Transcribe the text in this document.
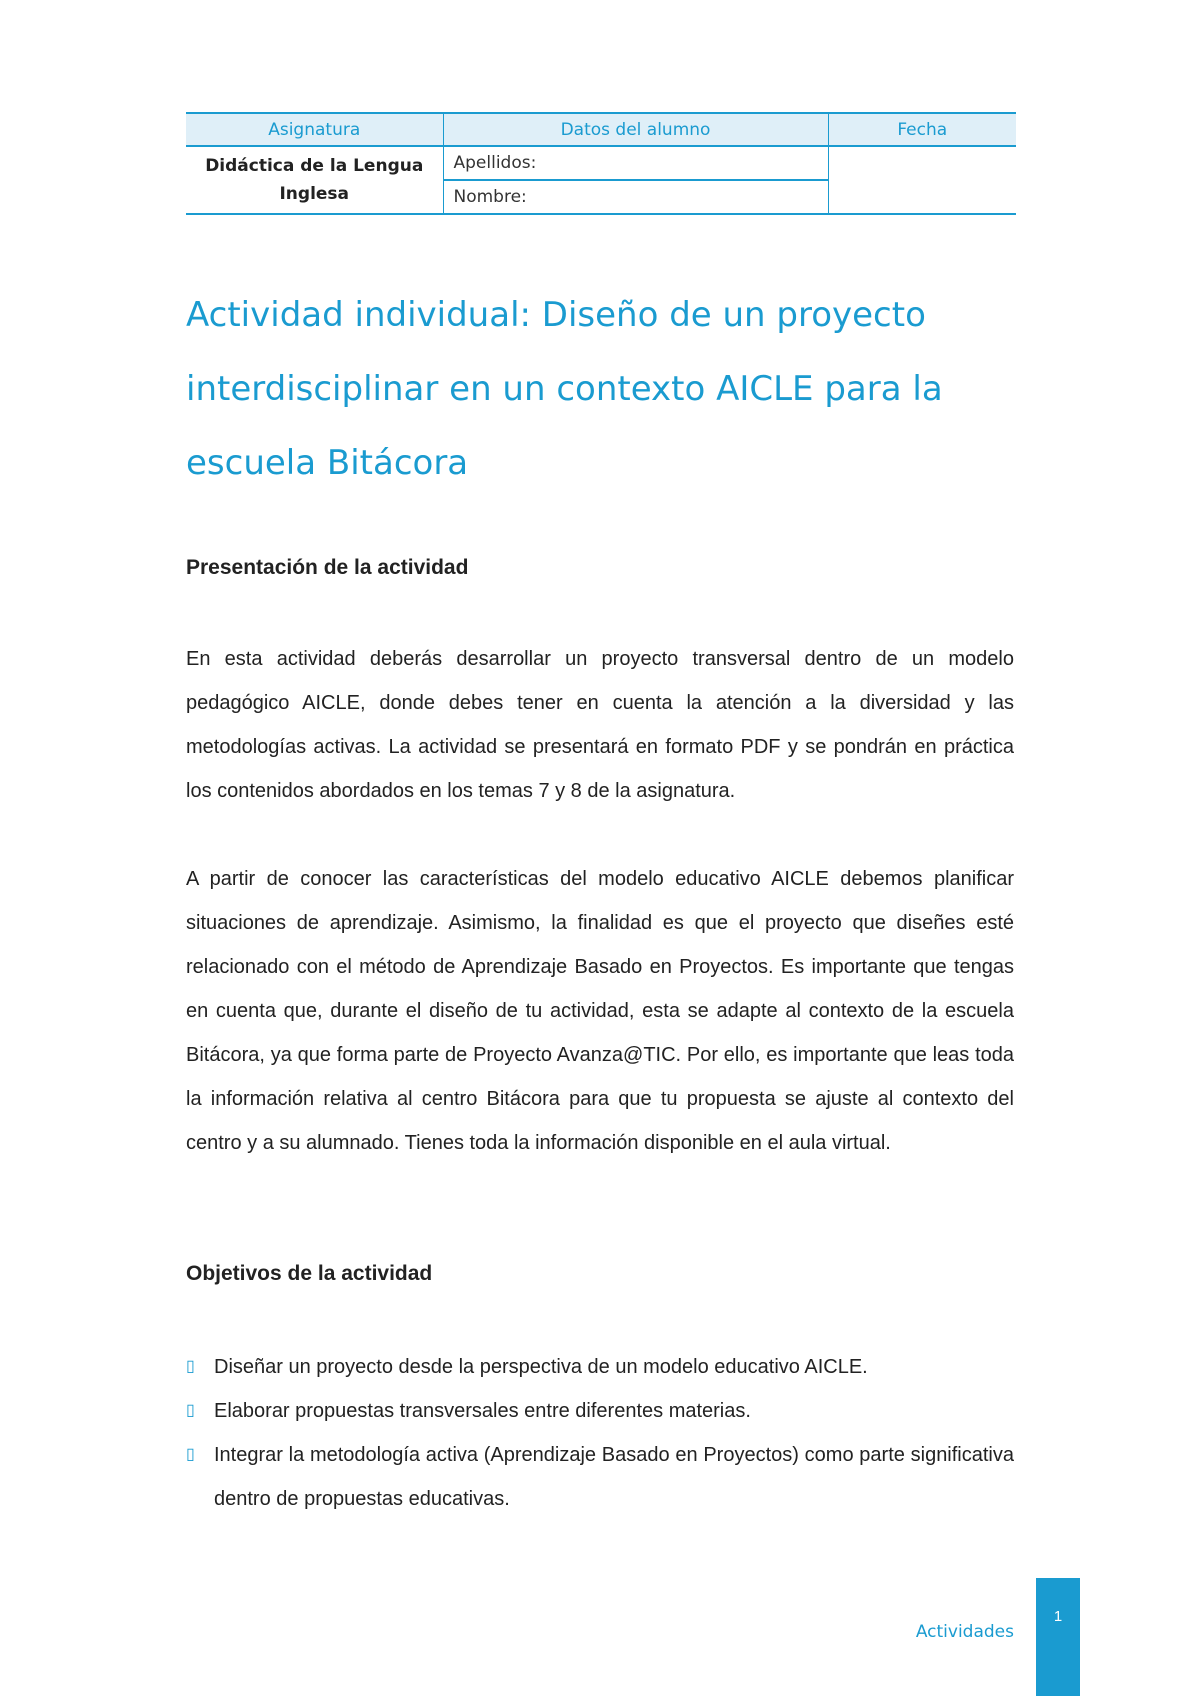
Asignatura	Datos del alumno	Fecha
Didáctica de la Lengua Inglesa	Apellidos:	
	Nombre:	
Actividad individual: Diseño de un proyecto interdisciplinar en un contexto AICLE para la escuela Bitácora
Presentación de la actividad

En esta actividad deberás desarrollar un proyecto transversal dentro de un modelo pedagógico AICLE, donde debes tener en cuenta la atención a la diversidad y las metodologías activas. La actividad se presentará en formato PDF y se pondrán en práctica los contenidos abordados en los temas 7 y 8 de la asignatura.

A partir de conocer las características del modelo educativo AICLE debemos planificar situaciones de aprendizaje. Asimismo, la finalidad es que el proyecto que diseñes esté relacionado con el método de Aprendizaje Basado en Proyectos. Es importante que tengas en cuenta que, durante el diseño de tu actividad, esta se adapte al contexto de la escuela Bitácora, ya que forma parte de Proyecto Avanza@TIC. Por ello, es importante que leas toda la información relativa al centro Bitácora para que tu propuesta se ajuste al contexto del centro y a su alumnado. Tienes toda la información disponible en el aula virtual.

Objetivos de la actividad
▯ Diseñar un proyecto desde la perspectiva de un modelo educativo AICLE.
▯ Elaborar propuestas transversales entre diferentes materias.
▯ Integrar la metodología activa (Aprendizaje Basado en Proyectos) como parte significativa dentro de propuestas educativas.
Actividades
1
